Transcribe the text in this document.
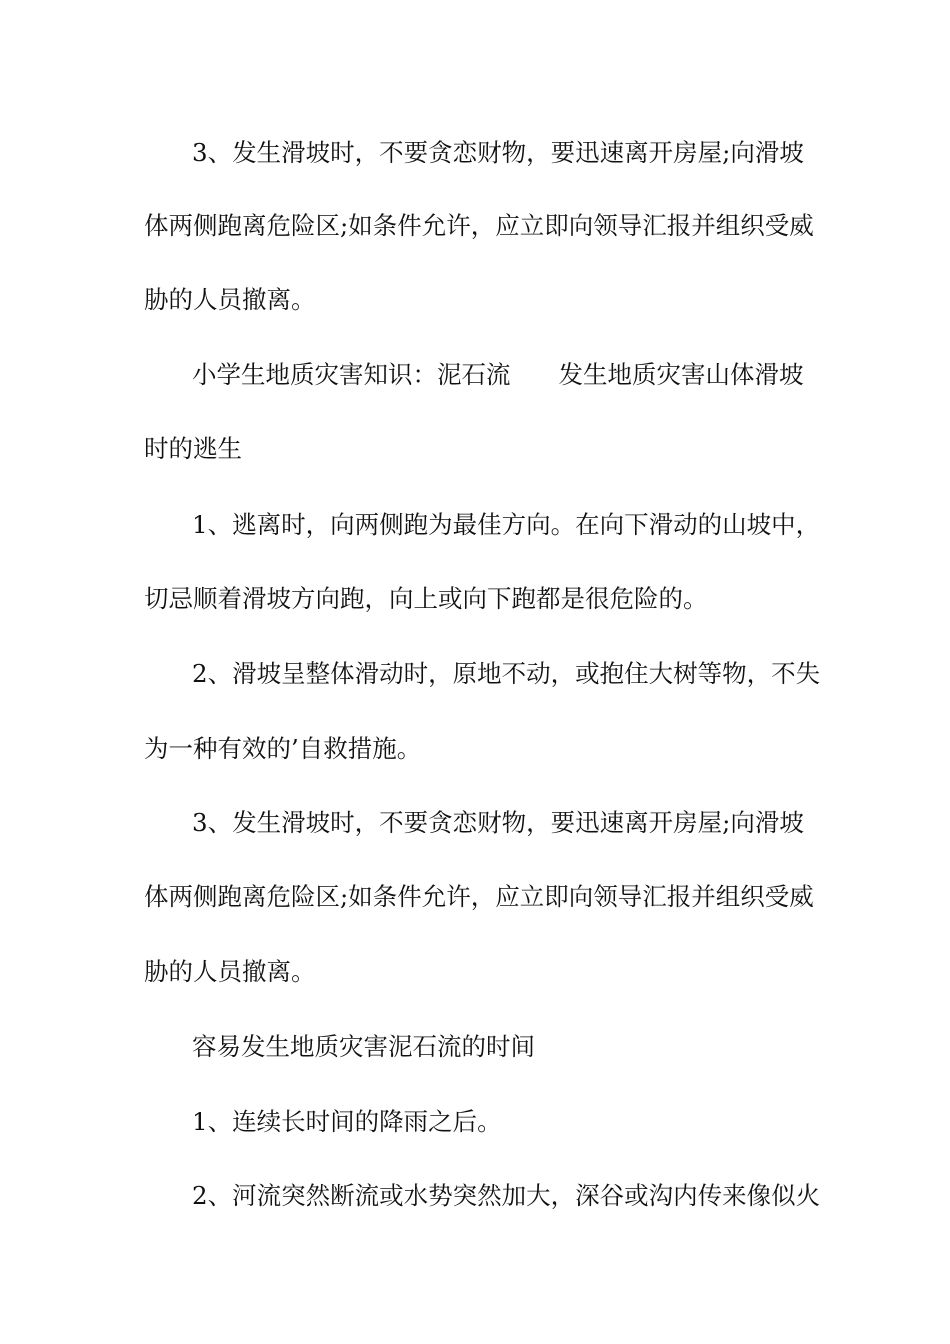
3、发生滑坡时，不要贪恋财物，要迅速离开房屋;向滑坡

体两侧跑离危险区;如条件允许，应立即向领导汇报并组织受威

胁的人员撤离。

小学生地质灾害知识：泥石流 发生地质灾害山体滑坡

时的逃生

1、逃离时，向两侧跑为最佳方向。在向下滑动的山坡中，

切忌顺着滑坡方向跑，向上或向下跑都是很危险的。

2、滑坡呈整体滑动时，原地不动，或抱住大树等物，不失

为一种有效的’自救措施。

3、发生滑坡时，不要贪恋财物，要迅速离开房屋;向滑坡

体两侧跑离危险区;如条件允许，应立即向领导汇报并组织受威

胁的人员撤离。

容易发生地质灾害泥石流的时间

1、连续长时间的降雨之后。

2、河流突然断流或水势突然加大，深谷或沟内传来像似火
